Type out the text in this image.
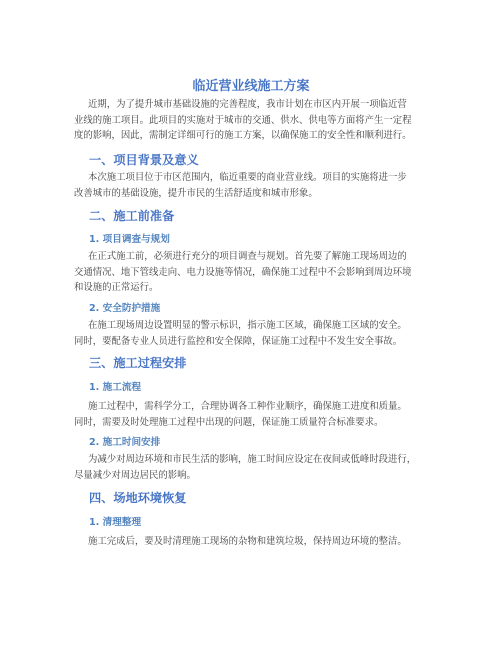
临近营业线施工方案
近期，为了提升城市基础设施的完善程度，我市计划在市区内开展一项临近营
业线的施工项目。此项目的实施对于城市的交通、供水、供电等方面将产生一定程
度的影响，因此，需制定详细可行的施工方案，以确保施工的安全性和顺利进行。
一、项目背景及意义
本次施工项目位于市区范围内，临近重要的商业营业线。项目的实施将进一步
改善城市的基础设施，提升市民的生活舒适度和城市形象。
二、施工前准备
1. 项目调查与规划
在正式施工前，必须进行充分的项目调查与规划。首先要了解施工现场周边的
交通情况、地下管线走向、电力设施等情况，确保施工过程中不会影响到周边环境
和设施的正常运行。
2. 安全防护措施
在施工现场周边设置明显的警示标识，指示施工区域，确保施工区域的安全。
同时，要配备专业人员进行监控和安全保障，保证施工过程中不发生安全事故。
三、施工过程安排
1. 施工流程
施工过程中，需科学分工，合理协调各工种作业顺序，确保施工进度和质量。
同时，需要及时处理施工过程中出现的问题，保证施工质量符合标准要求。
2. 施工时间安排
为减少对周边环境和市民生活的影响，施工时间应设定在夜间或低峰时段进行，
尽量减少对周边居民的影响。
四、场地环境恢复
1. 清理整理
施工完成后，要及时清理施工现场的杂物和建筑垃圾，保持周边环境的整洁。
